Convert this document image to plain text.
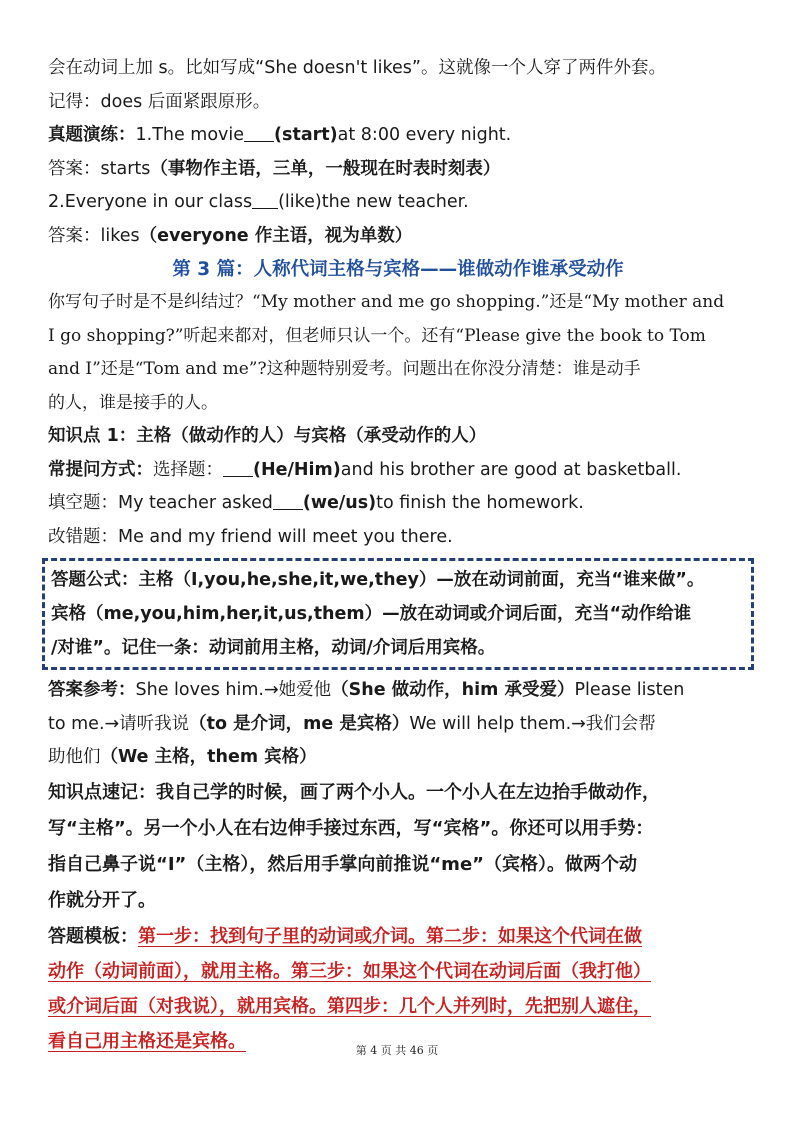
会在动词上加 s。比如写成“She doesn't likes”。这就像一个人穿了两件外套。
记得：does 后面紧跟原形。
真题演练：1.The movie (start)at 8:00 every night.
答案：starts（事物作主语，三单，一般现在时表时刻表）
2.Everyone in our class (like)the new teacher.
答案：likes（everyone 作主语，视为单数）
第 3 篇：人称代词主格与宾格——谁做动作谁承受动作
你写句子时是不是纠结过？“My mother and me go shopping.”还是“My mother and
I go shopping?”听起来都对，但老师只认一个。还有“Please give the book to Tom
and I”还是“Tom and me”?这种题特别爱考。问题出在你没分清楚：谁是动手
的人，谁是接手的人。
知识点 1：主格（做动作的人）与宾格（承受动作的人）
常提问方式：选择题： (He/Him)and his brother are good at basketball.
填空题：My teacher asked (we/us)to finish the homework.
改错题：Me and my friend will meet you there.
答题公式：主格（I,you,he,she,it,we,they）—放在动词前面，充当“谁来做”。
宾格（me,you,him,her,it,us,them）—放在动词或介词后面，充当“动作给谁
/对谁”。记住一条：动词前用主格，动词/介词后用宾格。
答案参考：She loves him.→她爱他（She 做动作，him 承受爱）Please listen
to me.→请听我说（to 是介词，me 是宾格）We will help them.→我们会帮
助他们（We 主格，them 宾格）
知识点速记：我自己学的时候，画了两个小人。一个小人在左边抬手做动作，
写“主格”。另一个小人在右边伸手接过东西，写“宾格”。你还可以用手势：
指自己鼻子说“I”（主格），然后用手掌向前推说“me”（宾格）。做两个动
作就分开了。
答题模板：第一步：找到句子里的动词或介词。第二步：如果这个代词在做
动作（动词前面），就用主格。第三步：如果这个代词在动词后面（我打他）
或介词后面（对我说），就用宾格。第四步：几个人并列时，先把别人遮住，
看自己用主格还是宾格。	第 4 页 共 46 页
